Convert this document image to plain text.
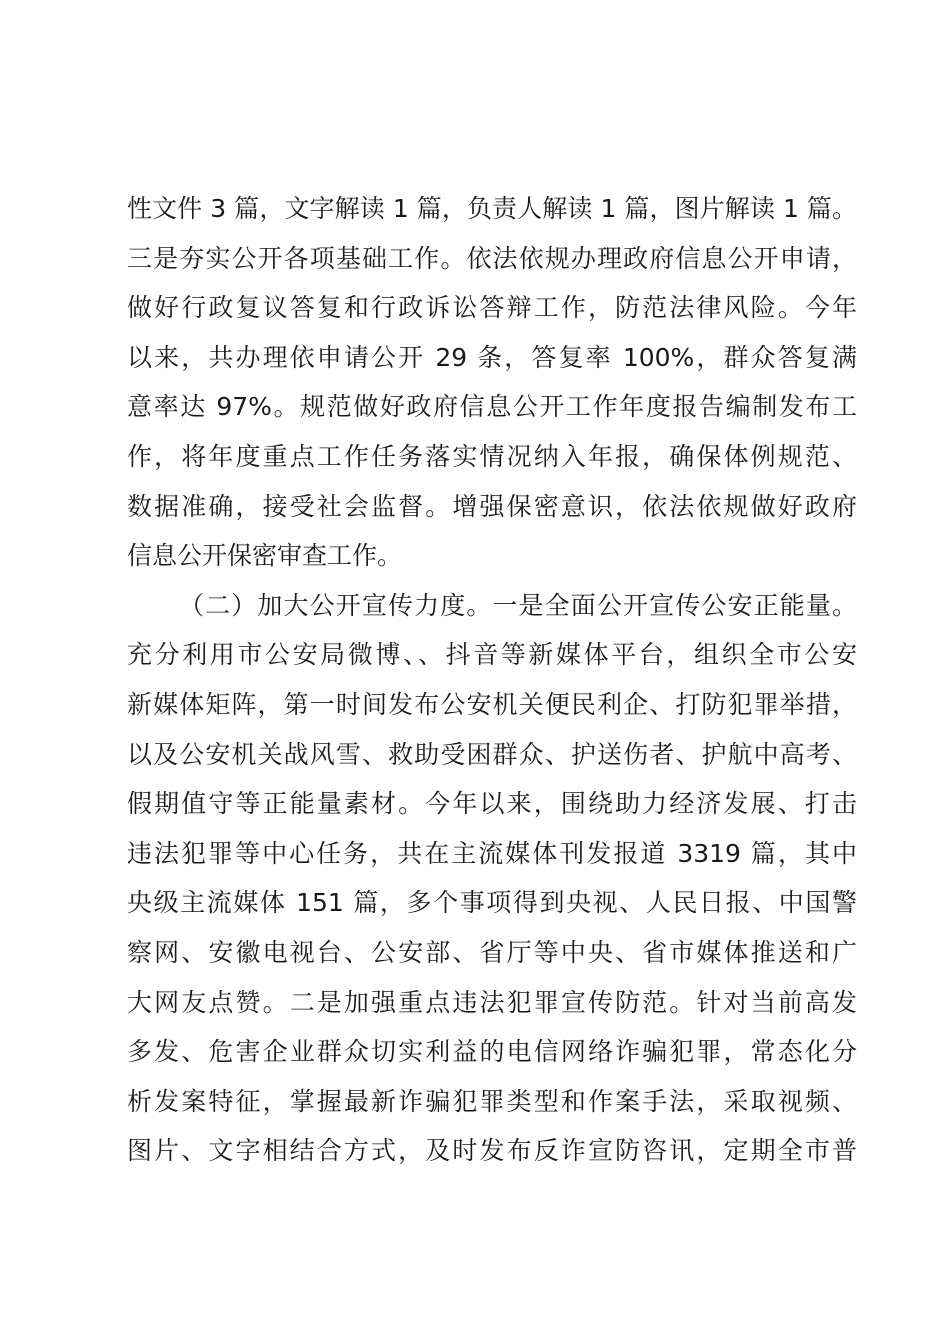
性文件 3 篇，文字解读 1 篇，负责人解读 1 篇，图片解读 1 篇。
三是夯实公开各项基础工作。依法依规办理政府信息公开申请，
做好行政复议答复和行政诉讼答辩工作，防范法律风险。今年
以来，共办理依申请公开 29 条，答复率 100%，群众答复满
意率达 97%。规范做好政府信息公开工作年度报告编制发布工
作，将年度重点工作任务落实情况纳入年报，确保体例规范、
数据准确，接受社会监督。增强保密意识，依法依规做好政府
信息公开保密审查工作。
（二）加大公开宣传力度。一是全面公开宣传公安正能量。
充分利用市公安局微博、、抖音等新媒体平台，组织全市公安
新媒体矩阵，第一时间发布公安机关便民利企、打防犯罪举措，
以及公安机关战风雪、救助受困群众、护送伤者、护航中高考、
假期值守等正能量素材。今年以来，围绕助力经济发展、打击
违法犯罪等中心任务，共在主流媒体刊发报道 3319 篇，其中
央级主流媒体 151 篇，多个事项得到央视、人民日报、中国警
察网、安徽电视台、公安部、省厅等中央、省市媒体推送和广
大网友点赞。二是加强重点违法犯罪宣传防范。针对当前高发
多发、危害企业群众切实利益的电信网络诈骗犯罪，常态化分
析发案特征，掌握最新诈骗犯罪类型和作案手法，采取视频、
图片、文字相结合方式，及时发布反诈宣防咨讯，定期全市普
